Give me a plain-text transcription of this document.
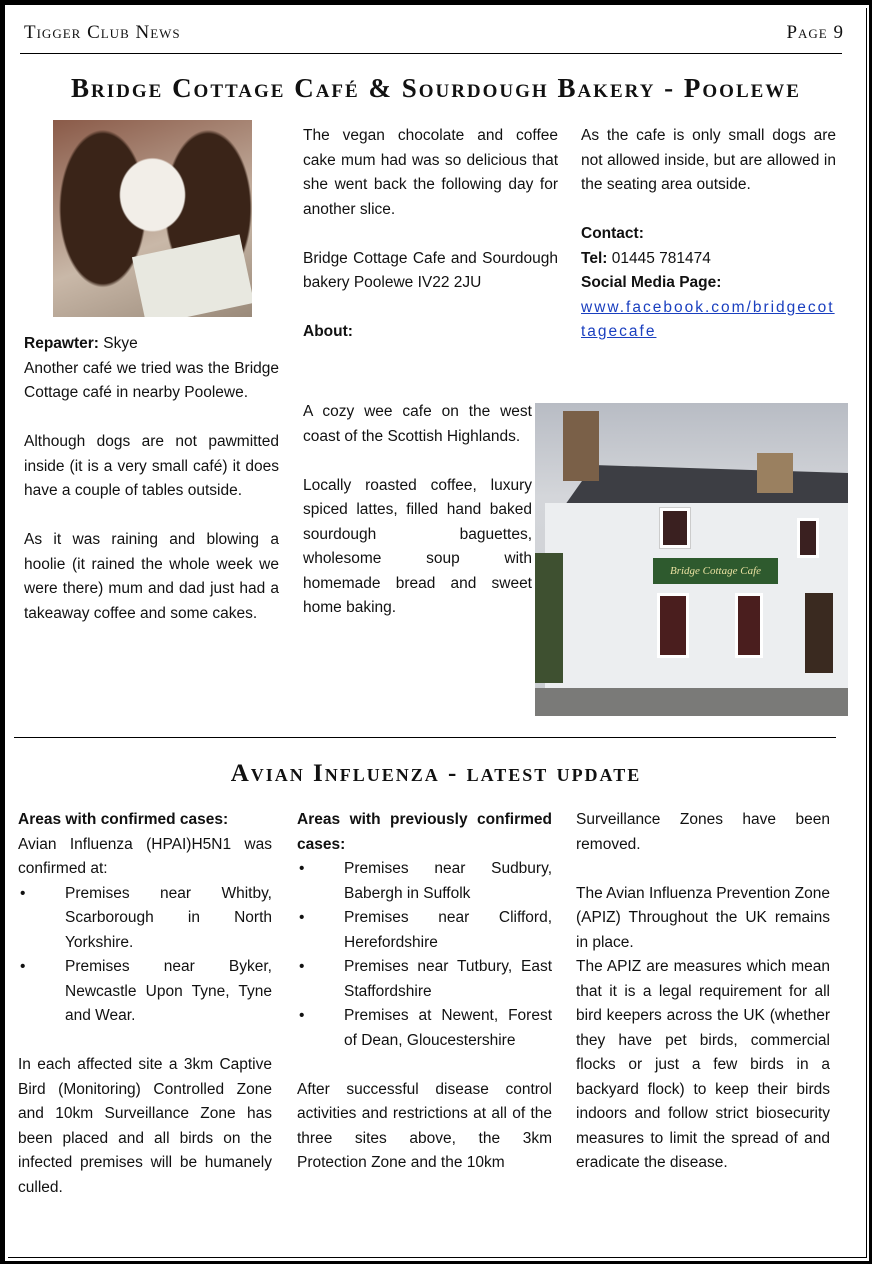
Tigger Club News	Page 9
Bridge Cottage Café & Sourdough Bakery - Poolewe

Repawter: Skye

Another café we tried was the Bridge Cottage café in nearby Poolewe.

Although dogs are not pawmitted inside (it is a very small café) it does have a couple of tables outside.

As it was raining and blowing a hoolie (it rained the whole week we were there) mum and dad just had a takeaway coffee and some cakes.

The vegan chocolate and coffee cake mum had was so delicious that she went back the following day for another slice.

Bridge Cottage Cafe and Sourdough bakery Poolewe IV22 2JU

About:

A cozy wee cafe on the west coast of the Scottish Highlands.

Locally roasted coffee, luxury spiced lattes, filled hand baked sourdough baguettes, wholesome soup with homemade bread and sweet home baking.

As the cafe is only small dogs are not allowed inside, but are allowed in the seating area outside.

Contact:

Tel: 01445 781474

Social Media Page:

www.facebook.com/bridgecottagecafe

Bridge Cottage Cafe
Avian Influenza - latest update

Areas with confirmed cases:

Avian Influenza (HPAI)H5N1 was confirmed at:

• Premises near Whitby, Scarborough in North Yorkshire.
• Premises near Byker, Newcastle Upon Tyne, Tyne and Wear.

In each affected site a 3km Captive Bird (Monitoring) Controlled Zone and 10km Surveillance Zone has been placed and all birds on the infected premises will be humanely culled.

Areas with previously confirmed cases:

• Premises near Sudbury, Babergh in Suffolk
• Premises near Clifford, Herefordshire
• Premises near Tutbury, East Staffordshire
• Premises at Newent, Forest of Dean, Gloucestershire

After successful disease control activities and restrictions at all of the three sites above, the 3km Protection Zone and the 10km

Surveillance Zones have been removed.

The Avian Influenza Prevention Zone (APIZ) Throughout the UK remains in place.

The APIZ are measures which mean that it is a legal requirement for all bird keepers across the UK (whether they have pet birds, commercial flocks or just a few birds in a backyard flock) to keep their birds indoors and follow strict biosecurity measures to limit the spread of and eradicate the disease.
